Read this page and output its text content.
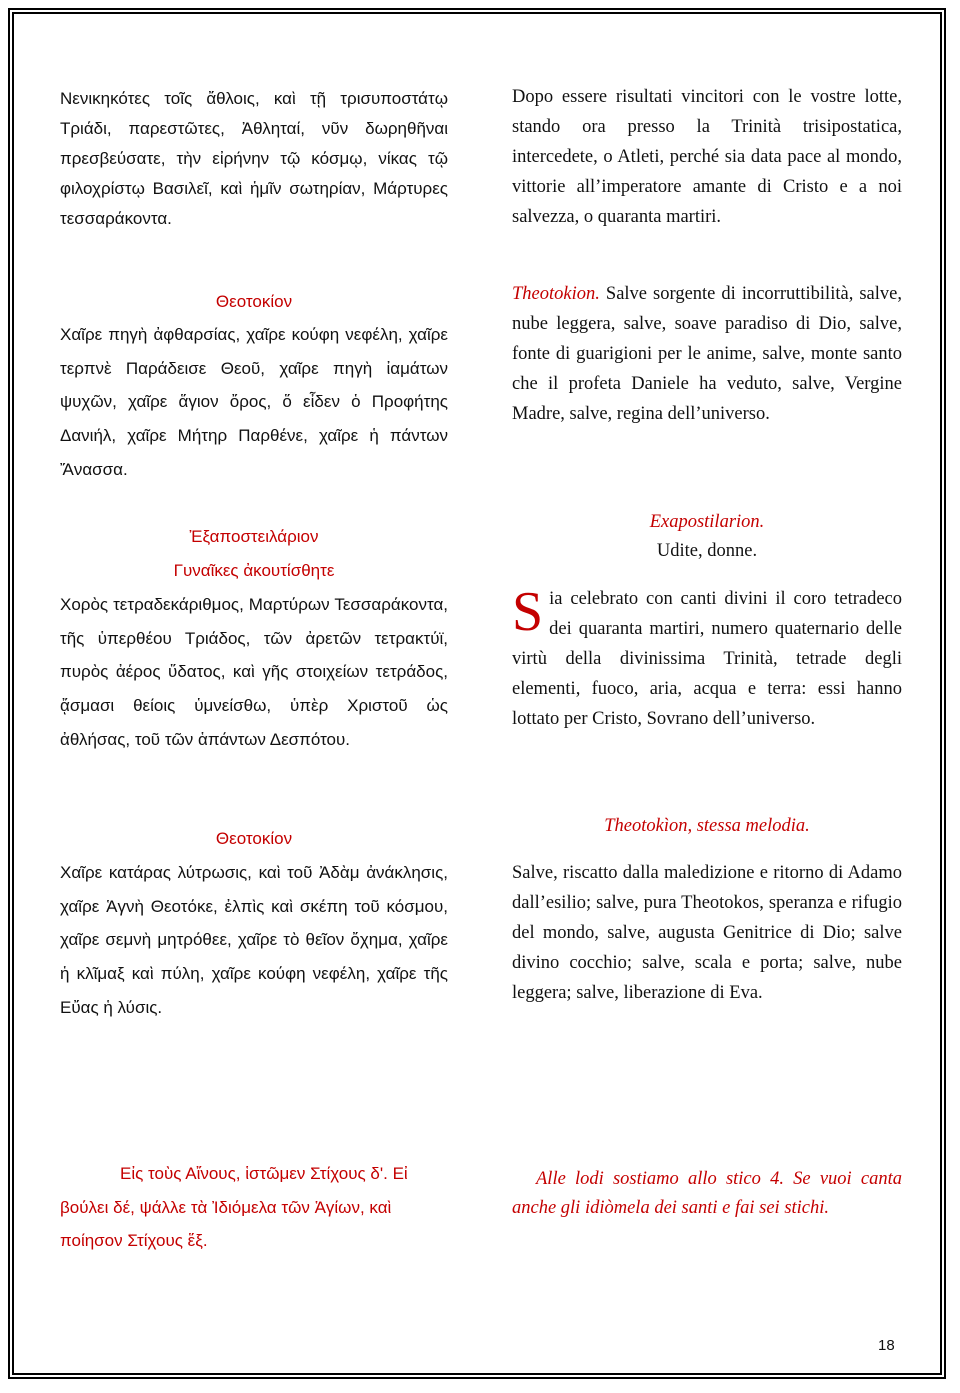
Νενικηκότες τοῖς ἄθλοις, καὶ τῇ τρισυποστάτῳ Τριάδι, παρεστῶτες, Ἀθληταί, νῦν δωρηθῆναι πρεσβεύσατε, τὴν εἰρήνην τῷ κόσμῳ, νίκας τῷ φιλοχρίστῳ Βασιλεῖ, καὶ ἡμῖν σωτηρίαν, Μάρτυρες τεσσαράκοντα.

Θεοτοκίον

Χαῖρε πηγὴ ἀφθαρσίας, χαῖρε κούφη νεφέλη, χαῖρε τερπνὲ Παράδεισε Θεοῦ, χαῖρε πηγὴ ἰαμάτων ψυχῶν, χαῖρε ἅγιον ὄρος, ὅ εἶδεν ὁ Προφήτης Δανιήλ, χαῖρε Μήτηρ Παρθένε, χαῖρε ἡ πάντων Ἄνασσα.

Ἐξαποστειλάριον

Γυναῖκες ἀκουτίσθητε

Χορὸς τετραδεκάριθμος, Μαρτύρων Τεσσαράκοντα, τῆς ὑπερθέου Τριάδος, τῶν ἀρετῶν τετρακτύϊ, πυρὸς ἀέρος ὕδατος, καὶ γῆς στοιχείων τετράδος, ᾄσμασι θείοις ὑμνείσθω, ὑπὲρ Χριστοῦ ὡς ἀθλήσας, τοῦ τῶν ἁπάντων Δεσπότου.

Θεοτοκίον

Χαῖρε κατάρας λύτρωσις, καὶ τοῦ Ἀδὰμ ἀνάκλησις, χαῖρε Ἁγνὴ Θεοτόκε, ἐλπὶς καὶ σκέπη τοῦ κόσμου, χαῖρε σεμνὴ μητρόθεε, χαῖρε τὸ θεῖον ὄχημα, χαῖρε ἡ κλῖμαξ καὶ πύλη, χαῖρε κούφη νεφέλη, χαῖρε τῆς Εὔας ἡ λύσις.

Εἰς τοὺς Αἴνους, ἱστῶμεν Στίχους δ'. Εἰ βούλει δέ, ψάλλε τὰ Ἰδιόμελα τῶν Ἁγίων, καὶ ποίησον Στίχους ἕξ.

Dopo essere risultati vincitori con le vostre lotte, stando ora presso la Trinità trisipostatica, intercedete, o Atleti, perché sia data pace al mondo, vittorie all’imperatore amante di Cristo e a noi salvezza, o quaranta martiri.

Theotokion. Salve sorgente di incorruttibilità, salve, nube leggera, salve, soave paradiso di Dio, salve, fonte di guarigioni per le anime, salve, monte santo che il profeta Daniele ha veduto, salve, Vergine Madre, salve, regina dell’universo.

Exapostilarion.

Udite, donne.

Sia celebrato con canti divini il coro tetradeco dei quaranta martiri, numero quaternario delle virtù della divinissima Trinità, tetrade degli elementi, fuoco, aria, acqua e terra: essi hanno lottato per Cristo, Sovrano dell’universo.

Theotokìon, stessa melodia.

Salve, riscatto dalla maledizione e ritorno di Adamo dall’esilio; salve, pura Theotokos, speranza e rifugio del mondo, salve, augusta Genitrice di Dio; salve divino cocchio; salve, scala e porta; salve, nube leggera; salve, liberazione di Eva.

Alle lodi sostiamo allo stico 4. Se vuoi canta anche gli idiòmela dei santi e fai sei stichi.

18
